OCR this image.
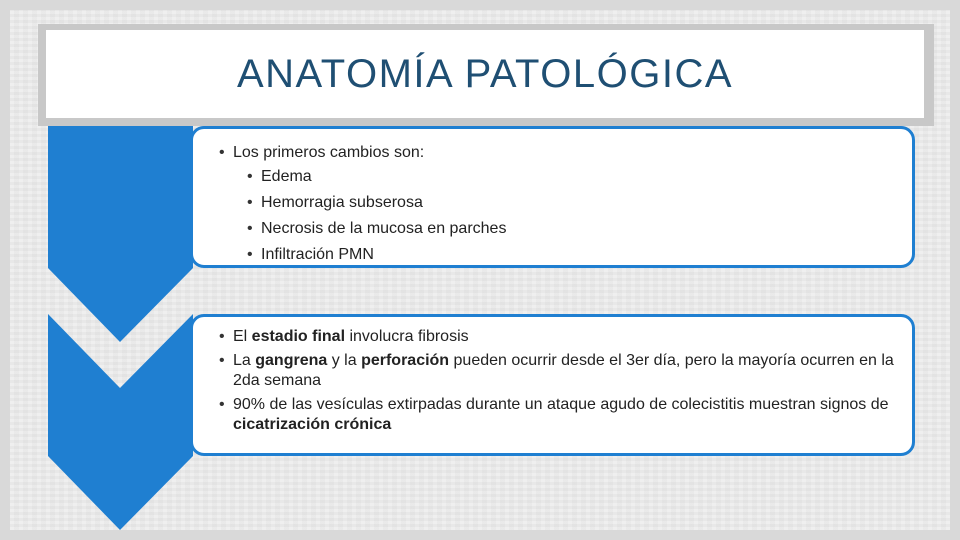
ANATOMÍA PATOLÓGICA
• Los primeros cambios son:
• Edema
• Hemorragia subserosa
• Necrosis de la mucosa en parches
• Infiltración PMN
• El estadio final involucra fibrosis
• La gangrena y la perforación pueden ocurrir desde el 3er día, pero la mayoría ocurren en la 2da semana
• 90% de las vesículas extirpadas durante un ataque agudo de colecistitis muestran signos de cicatrización crónica
